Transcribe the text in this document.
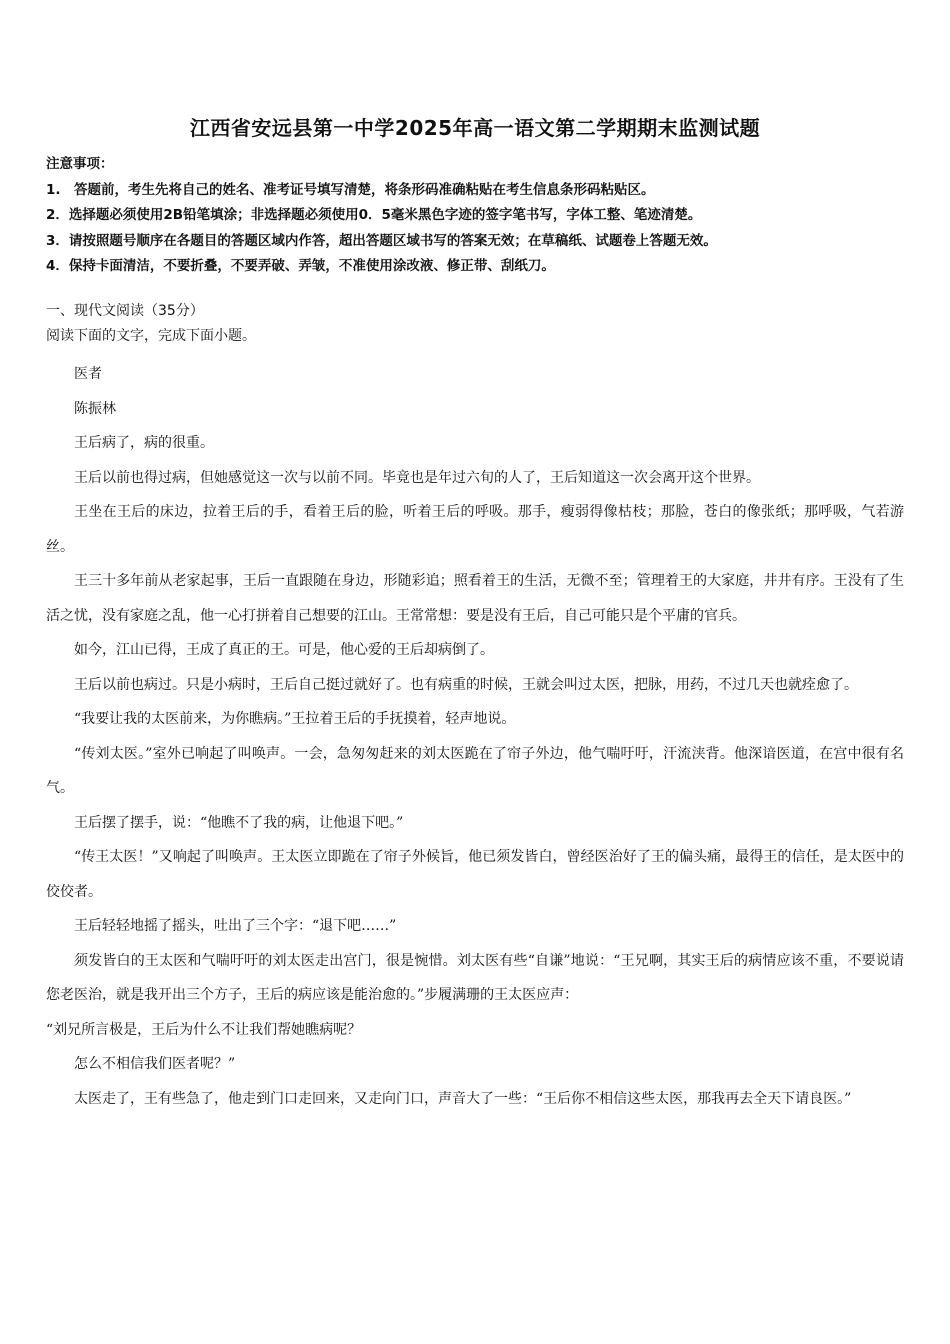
江西省安远县第一中学2025年高一语文第二学期期末监测试题
注意事项：
1.　答题前，考生先将自己的姓名、准考证号填写清楚，将条形码准确粘贴在考生信息条形码粘贴区。
2．选择题必须使用2B铅笔填涂；非选择题必须使用0．5毫米黑色字迹的签字笔书写，字体工整、笔迹清楚。
3．请按照题号顺序在各题目的答题区域内作答，超出答题区域书写的答案无效；在草稿纸、试题卷上答题无效。
4．保持卡面清洁，不要折叠，不要弄破、弄皱，不准使用涂改液、修正带、刮纸刀。
一、现代文阅读（35分）
阅读下面的文字，完成下面小题。

医者

陈振林

王后病了，病的很重。

王后以前也得过病，但她感觉这一次与以前不同。毕竟也是年过六旬的人了，王后知道这一次会离开这个世界。

王坐在王后的床边，拉着王后的手，看着王后的脸，听着王后的呼吸。那手，瘦弱得像枯枝；那脸，苍白的像张纸；那呼吸，气若游丝。

王三十多年前从老家起事，王后一直跟随在身边，形随彩追；照看着王的生活，无微不至；管理着王的大家庭，井井有序。王没有了生活之忧，没有家庭之乱，他一心打拼着自己想要的江山。王常常想：要是没有王后，自己可能只是个平庸的官兵。

如今，江山已得，王成了真正的王。可是，他心爱的王后却病倒了。

王后以前也病过。只是小病时，王后自己挺过就好了。也有病重的时候，王就会叫过太医，把脉，用药，不过几天也就痊愈了。

“我要让我的太医前来，为你瞧病。”王拉着王后的手抚摸着，轻声地说。

“传刘太医。”室外已响起了叫唤声。一会，急匆匆赶来的刘太医跪在了帘子外边，他气喘吁吁，汗流浃背。他深谙医道，在宫中很有名气。

王后摆了摆手，说：“他瞧不了我的病，让他退下吧。”

“传王太医！”又响起了叫唤声。王太医立即跪在了帘子外候旨，他已须发皆白，曾经医治好了王的偏头痛，最得王的信任，是太医中的佼佼者。

王后轻轻地摇了摇头，吐出了三个字：“退下吧……”

须发皆白的王太医和气喘吁吁的刘太医走出宫门，很是惋惜。刘太医有些“自谦”地说：“王兄啊，其实王后的病情应该不重，不要说请您老医治，就是我开出三个方子，王后的病应该是能治愈的。”步履满珊的王太医应声：

“刘兄所言极是，王后为什么不让我们帮她瞧病呢？

怎么不相信我们医者呢？”

太医走了，王有些急了，他走到门口走回来，又走向门口，声音大了一些：“王后你不相信这些太医，那我再去全天下请良医。”
